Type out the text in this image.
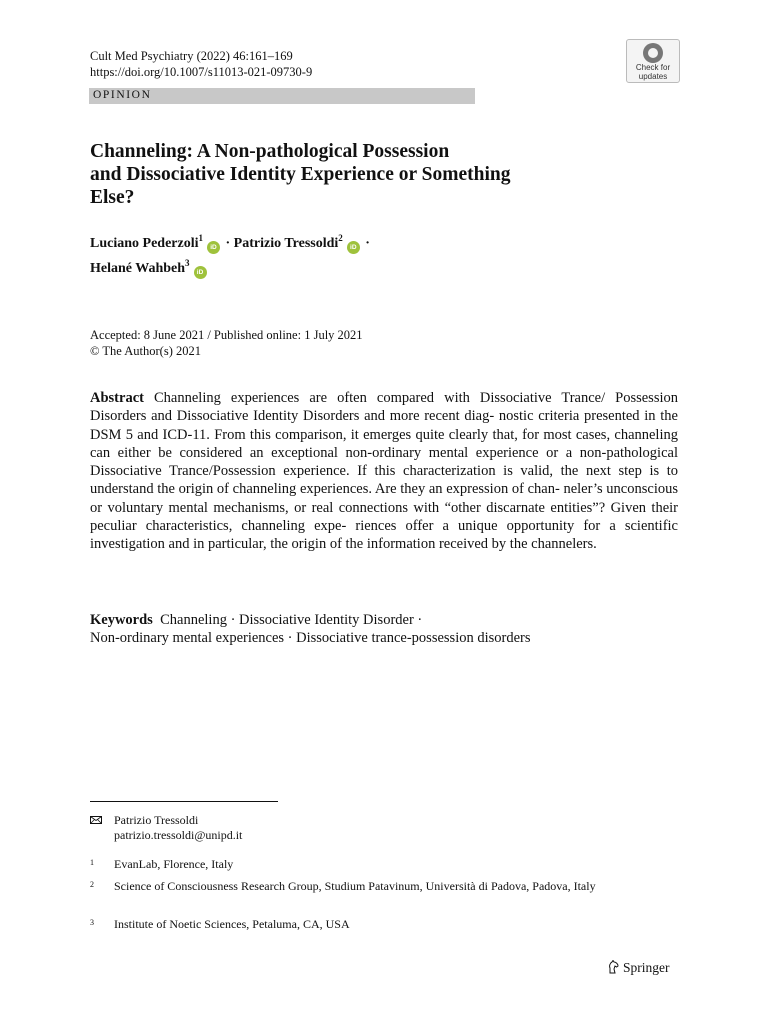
Cult Med Psychiatry (2022) 46:161–169
https://doi.org/10.1007/s11013-021-09730-9	Check for
updates
OPINION
Channeling: A Non-pathological Possession
and Dissociative Identity Experience or Something
Else?
Luciano Pederzoli$^1$iD · Patrizio Tressoldi$^2$iD ·
Helané Wahbeh$^3$iD
Accepted: 8 June 2021 / Published online: 1 July 2021
© The Author(s) 2021
Abstract Channeling experiences are often compared with Dissociative Trance/ Possession Disorders and Dissociative Identity Disorders and more recent diag- nostic criteria presented in the DSM 5 and ICD-11. From this comparison, it emerges quite clearly that, for most cases, channeling can either be considered an exceptional non-ordinary mental experience or a non-pathological Dissociative Trance/Possession experience. If this characterization is valid, the next step is to understand the origin of channeling experiences. Are they an expression of chan- neler’s unconscious or voluntary mental mechanisms, or real connections with “other discarnate entities”? Given their peculiar characteristics, channeling expe- riences offer a unique opportunity for a scientific investigation and in particular, the origin of the information received by the channelers.
Keywords Channeling · Dissociative Identity Disorder ·
Non-ordinary mental experiences · Dissociative trance-possession disorders
Patrizio Tressoldi
patrizio.tressoldi@unipd.it
1 EvanLab, Florence, Italy
2 Science of Consciousness Research Group, Studium Patavinum, Università di Padova, Padova, Italy
3 Institute of Noetic Sciences, Petaluma, CA, USA
Springer
